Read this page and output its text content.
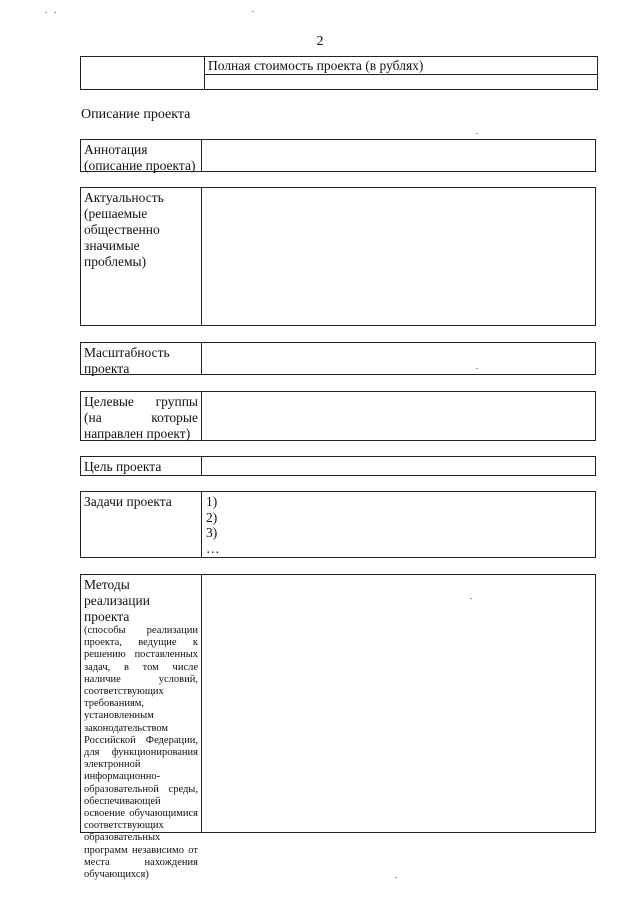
2
Полная стоимость проекта (в рублях)
Описание проекта
Аннотация (описание проекта)
Актуальность (решаемые общественно значимые проблемы)
Масштабность проекта
Целевые группы (на которые направлен проект)
Цель проекта
Задачи проекта	1)
2)
3)
…
Методы реализации проекта
(способы реализации проекта, ведущие к решению поставленных задач, в том числе наличие условий, соответствующих требованиям, установленным законодательством Российской Федерации, для функционирования электронной информационно-образовательной среды, обеспечивающей освоение обучающимися соответствующих образовательных программ независимо от места нахождения обучающихся)
